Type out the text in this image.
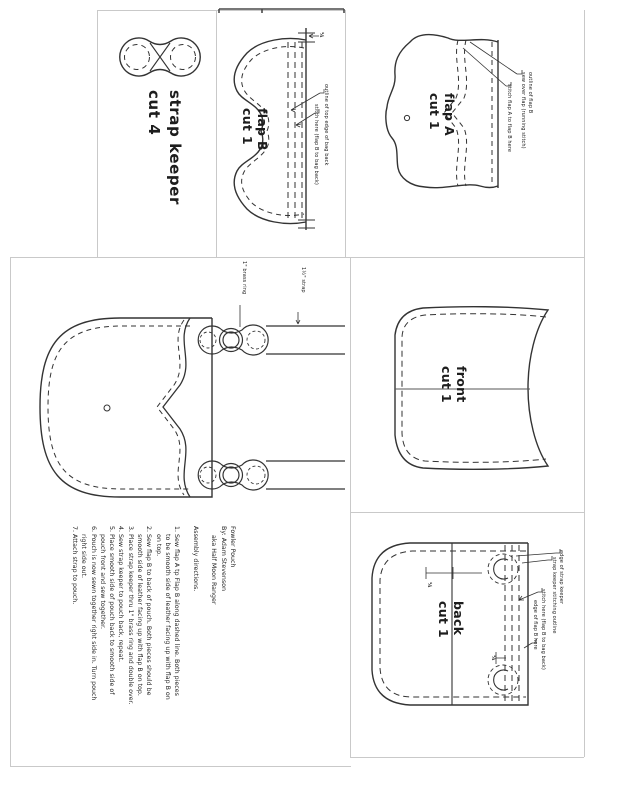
strap keeper
cut 4
¼
flap B
cut 1	outline of top edge of bag back
stitch here (flap B to bag back)	flap A
cut 1	outline of flap B
sew over flap (running stitch)
stitch flap A to flap B here
1" brass ring	1½" strap
Fowler Pouch
By: Adam Stevenson
aka Half Moon Ranger
Assembly directions.
1. Sew flap A tp Flap B along dashed line. Both pieces
to be smooth side of leather facing up with flap B on
on top.
2. Sew flap B to back of pouch. Both pieces should be
smooth side of leather facing up with flap B on top.
3. Place strap keeper thru 1" brass ring and double over.
4. Sew strap keeper to pouch back, repeat.
5. Place smooth side of pouch back to smooth side of
pouch front and sew together.
6. Pouch is now sewn together right side in. Turn pouch
right side out.
7. Attach strap to pouch.
front
cut 1
¼
¼
back
cut 1
edge of strap keeper
strap keeper stitching outline
stitch here (flap B to bag back)
edge of flap B here
